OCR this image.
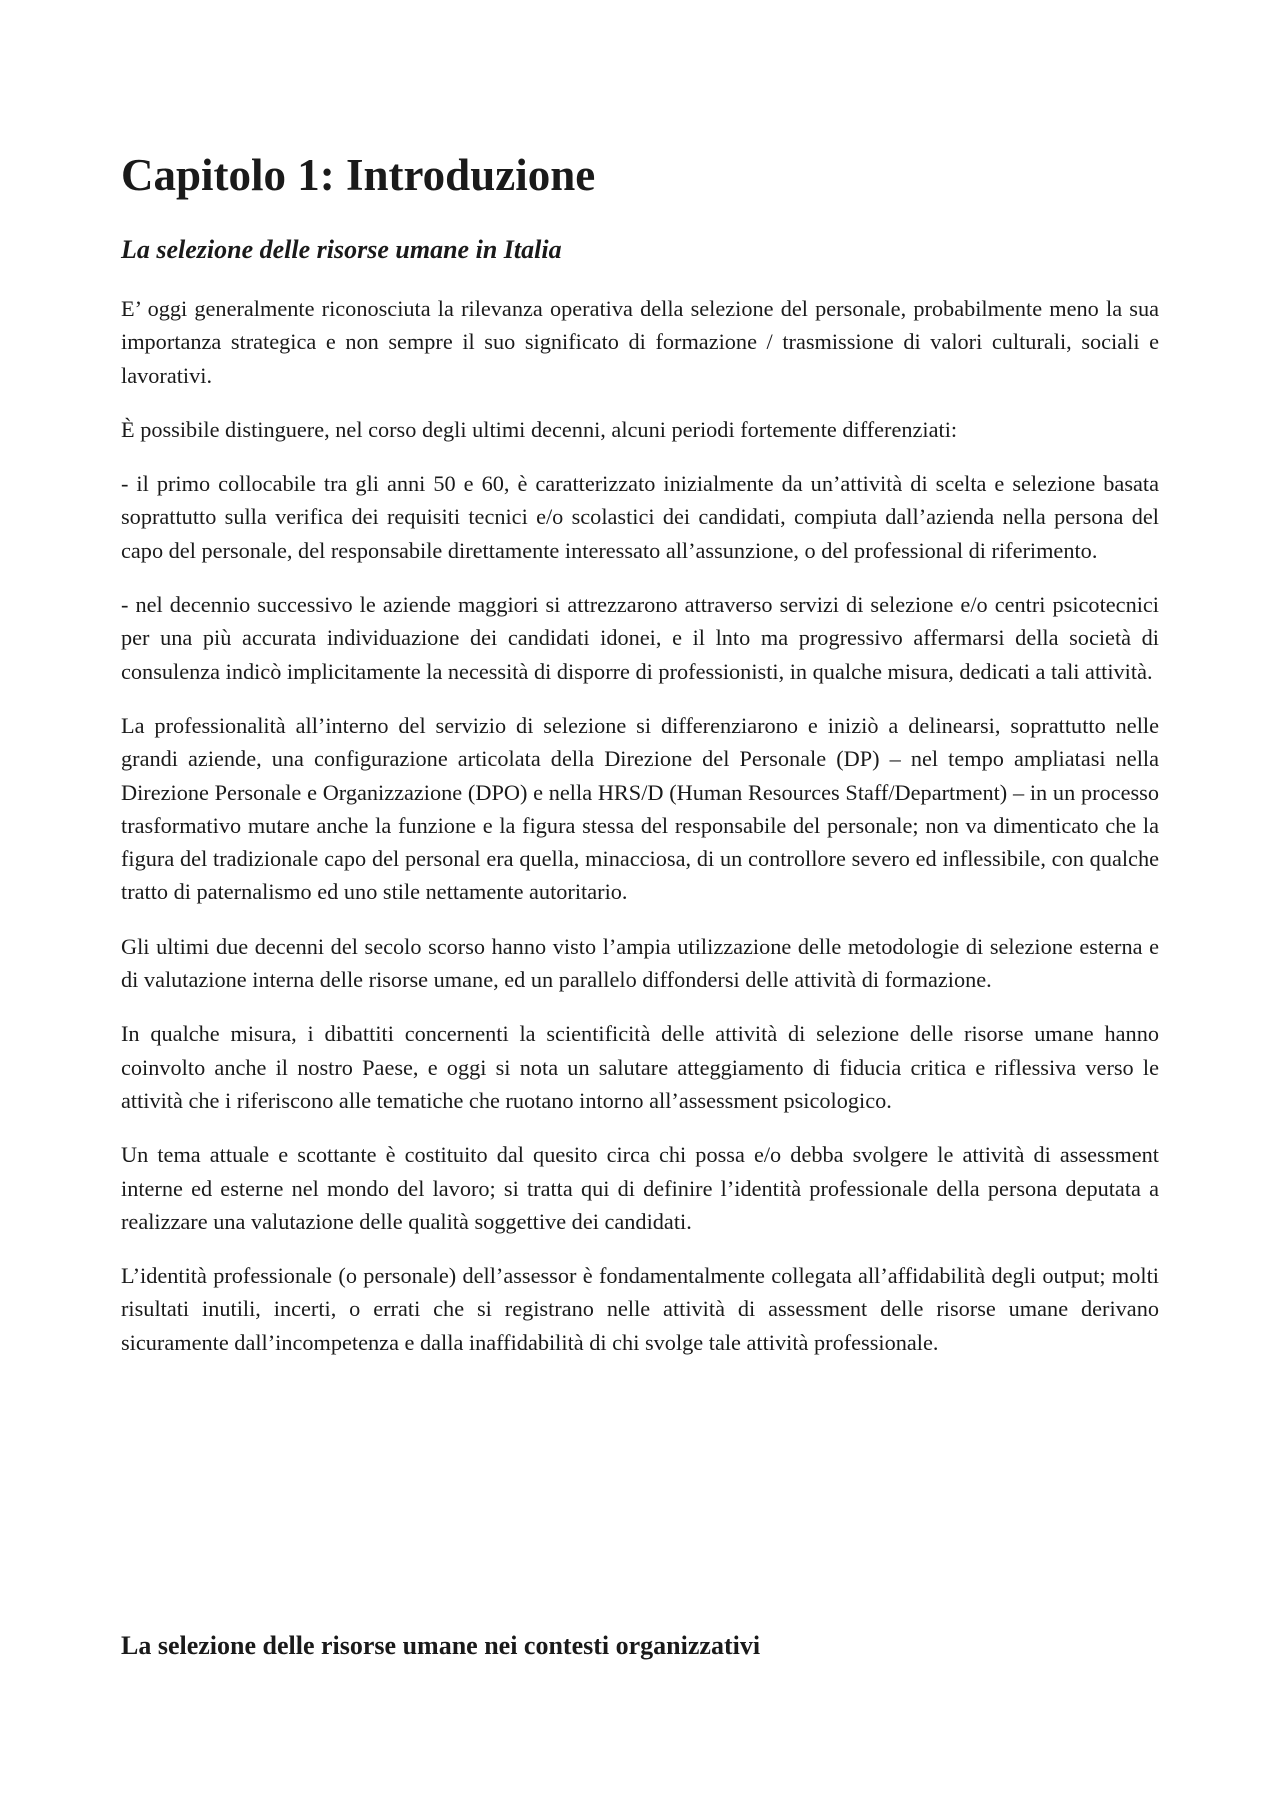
Capitolo 1: Introduzione
La selezione delle risorse umane in Italia

E’ oggi generalmente riconosciuta la rilevanza operativa della selezione del personale, probabilmente meno la sua importanza strategica e non sempre il suo significato di formazione / trasmissione di valori culturali, sociali e lavorativi.

È possibile distinguere, nel corso degli ultimi decenni, alcuni periodi fortemente differenziati:

- il primo collocabile tra gli anni 50 e 60, è caratterizzato inizialmente da un’attività di scelta e selezione basata soprattutto sulla verifica dei requisiti tecnici e/o scolastici dei candidati, compiuta dall’azienda nella persona del capo del personale, del responsabile direttamente interessato all’assunzione, o del professional di riferimento.

- nel decennio successivo le aziende maggiori si attrezzarono attraverso servizi di selezione e/o centri psicotecnici per una più accurata individuazione dei candidati idonei, e il lnto ma progressivo affermarsi della società di consulenza indicò implicitamente la necessità di disporre di professionisti, in qualche misura, dedicati a tali attività.

La professionalità all’interno del servizio di selezione si differenziarono e iniziò a delinearsi, soprattutto nelle grandi aziende, una configurazione articolata della Direzione del Personale (DP) – nel tempo ampliatasi nella Direzione Personale e Organizzazione (DPO) e nella HRS/D (Human Resources Staff/Department) – in un processo trasformativo mutare anche la funzione e la figura stessa del responsabile del personale; non va dimenticato che la figura del tradizionale capo del personal era quella, minacciosa, di un controllore severo ed inflessibile, con qualche tratto di paternalismo ed uno stile nettamente autoritario.

Gli ultimi due decenni del secolo scorso hanno visto l’ampia utilizzazione delle metodologie di selezione esterna e di valutazione interna delle risorse umane, ed un parallelo diffondersi delle attività di formazione.

In qualche misura, i dibattiti concernenti la scientificità delle attività di selezione delle risorse umane hanno coinvolto anche il nostro Paese, e oggi si nota un salutare atteggiamento di fiducia critica e riflessiva verso le attività che i riferiscono alle tematiche che ruotano intorno all’assessment psicologico.

Un tema attuale e scottante è costituito dal quesito circa chi possa e/o debba svolgere le attività di assessment interne ed esterne nel mondo del lavoro; si tratta qui di definire l’identità professionale della persona deputata a realizzare una valutazione delle qualità soggettive dei candidati.

L’identità professionale (o personale) dell’assessor è fondamentalmente collegata all’affidabilità degli output; molti risultati inutili, incerti, o errati che si registrano nelle attività di assessment delle risorse umane derivano sicuramente dall’incompetenza e dalla inaffidabilità di chi svolge tale attività professionale.

La selezione delle risorse umane nei contesti organizzativi
